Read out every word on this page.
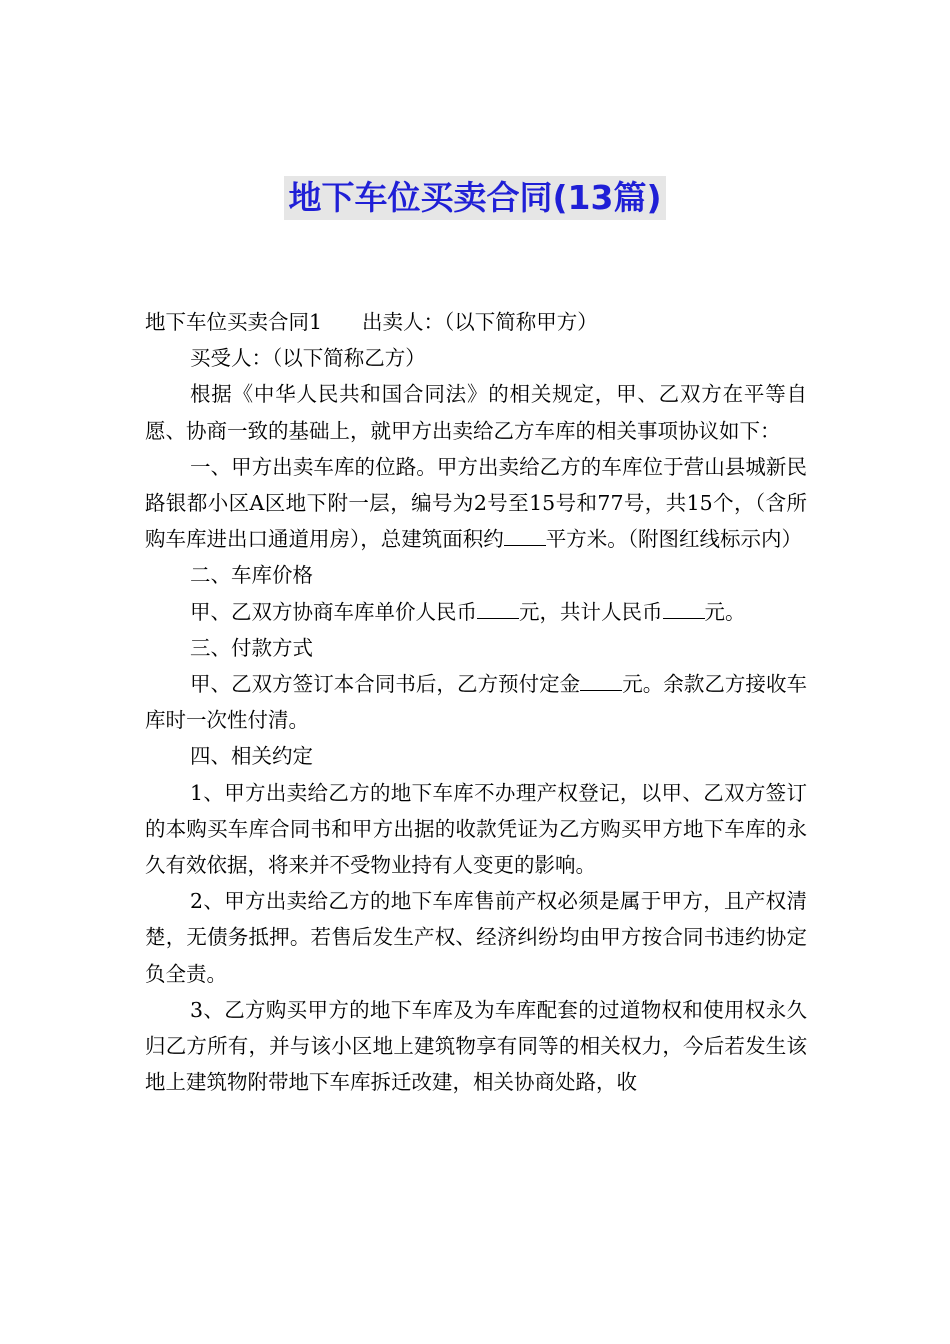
地下车位买卖合同(13篇)

地下车位买卖合同1 出卖人：（以下简称甲方）

买受人：（以下简称乙方）

根据《中华人民共和国合同法》的相关规定，甲、乙双方在平等自愿、协商一致的基础上，就甲方出卖给乙方车库的相关事项协议如下：

一、甲方出卖车库的位路。甲方出卖给乙方的车库位于营山县城新民路银都小区A区地下附一层，编号为2号至15号和77号，共15个，（含所购车库进出口通道用房），总建筑面积约 平方米。（附图红线标示内）

二、车库价格

甲、乙双方协商车库单价人民币 元，共计人民币 元。

三、付款方式

甲、乙双方签订本合同书后，乙方预付定金 元。余款乙方接收车库时一次性付清。

四、相关约定

1、甲方出卖给乙方的地下车库不办理产权登记，以甲、乙双方签订的本购买车库合同书和甲方出据的收款凭证为乙方购买甲方地下车库的永久有效依据，将来并不受物业持有人变更的影响。

2、甲方出卖给乙方的地下车库售前产权必须是属于甲方，且产权清楚，无债务抵押。若售后发生产权、经济纠纷均由甲方按合同书违约协定负全责。

3、乙方购买甲方的地下车库及为车库配套的过道物权和使用权永久归乙方所有，并与该小区地上建筑物享有同等的相关权力，今后若发生该地上建筑物附带地下车库拆迁改建，相关协商处路，收
